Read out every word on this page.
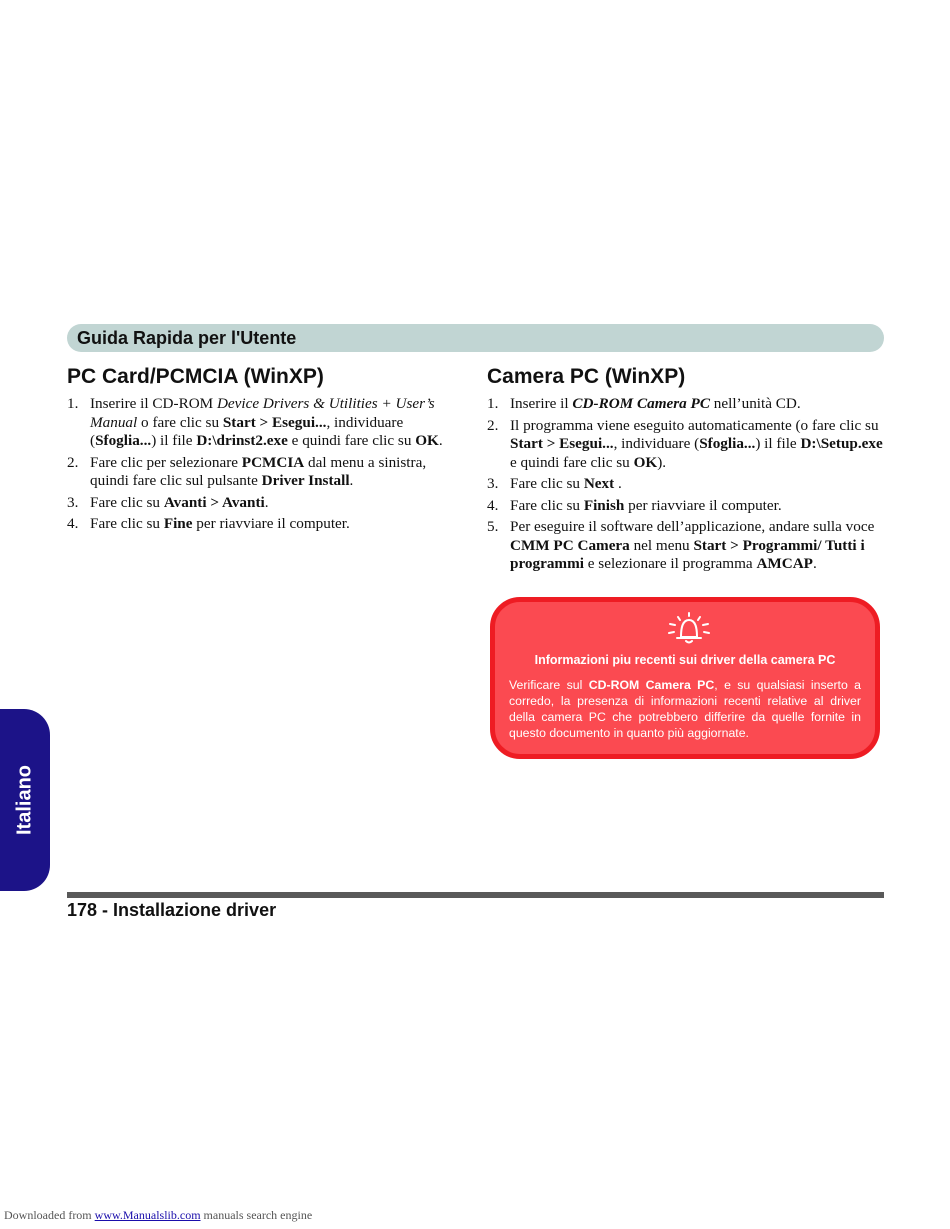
Guida Rapida per l'Utente
PC Card/PCMCIA (WinXP)
1. Inserire il CD-ROM Device Drivers & Utilities + User’s Manual o fare clic su Start > Esegui..., individuare (Sfoglia...) il file D:\drinst2.exe e quindi fare clic su OK.
2. Fare clic per selezionare PCMCIA dal menu a sinistra, quindi fare clic sul pulsante Driver Install.
3. Fare clic su Avanti > Avanti.
4. Fare clic su Fine per riavviare il computer.
Camera PC (WinXP)
1. Inserire il CD-ROM Camera PC nell’unità CD.
2. Il programma viene eseguito automaticamente (o fare clic su Start > Esegui..., individuare (Sfoglia...) il file D:\Setup.exe e quindi fare clic su OK).
3. Fare clic su Next .
4. Fare clic su Finish per riavviare il computer.
5. Per eseguire il software dell’applicazione, andare sulla voce CMM PC Camera nel menu Start > Programmi/ Tutti i programmi e selezionare il programma AMCAP.
Informazioni piu recenti sui driver della camera PC
Verificare sul CD-ROM Camera PC, e su qualsiasi inserto a corredo, la presenza di informazioni recenti relative al driver della camera PC che potrebbero differire da quelle fornite in questo documento in quanto più aggiornate.
Italiano
178 - Installazione driver
Downloaded from www.Manualslib.com manuals search engine
